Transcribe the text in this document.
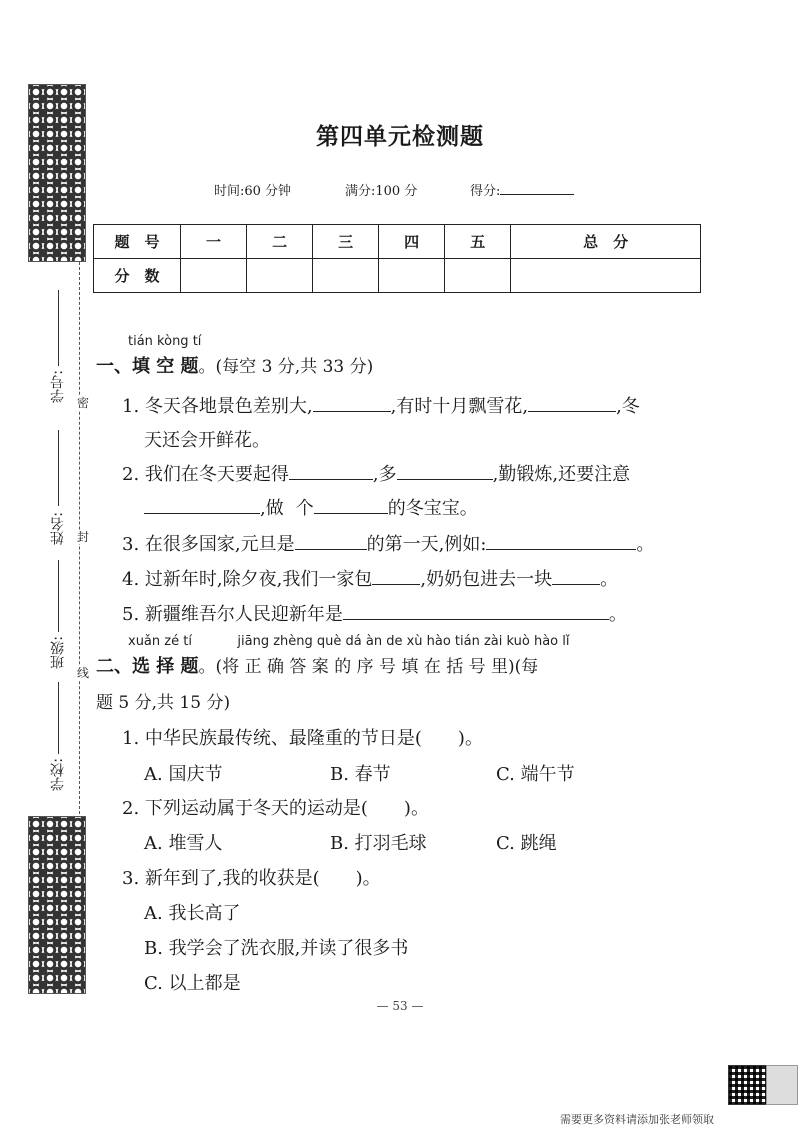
密
封
线
学号:
姓名:
班级:
学校:
第四单元检测题
时间:60 分钟	满分:100 分	得分:
题　号	一	二	三	四	五	总　分
分　数						
tián kòng tí
一、填 空 题。(每空 3 分,共 33 分)
1. 冬天各地景色差别大,	,有时十月飘雪花,	,冬
天还会开鲜花。
2. 我们在冬天要起得	,多	,勤锻炼,还要注意
,做 个	的冬宝宝。
3. 在很多国家,元旦是	的第一天,例如:	。
4. 过新年时,除夕夜,我们一家包	,奶奶包进去一块	。
5. 新疆维吾尔人民迎新年是	。
xuǎn zé tí           jiāng zhèng què dá àn de xù hào tián zài kuò hào lǐ
二、选 择 题。(将 正 确 答 案 的 序 号 填 在 括 号 里)(每
题 5 分,共 15 分)
1. 中华民族最传统、最隆重的节日是(　　)。
A. 国庆节	B. 春节	C. 端午节
2. 下列运动属于冬天的运动是(　　)。
A. 堆雪人	B. 打羽毛球	C. 跳绳
3. 新年到了,我的收获是(　　)。
A. 我长高了
B. 我学会了洗衣服,并读了很多书
C. 以上都是
— 53 —
需要更多资料请添加张老师领取
